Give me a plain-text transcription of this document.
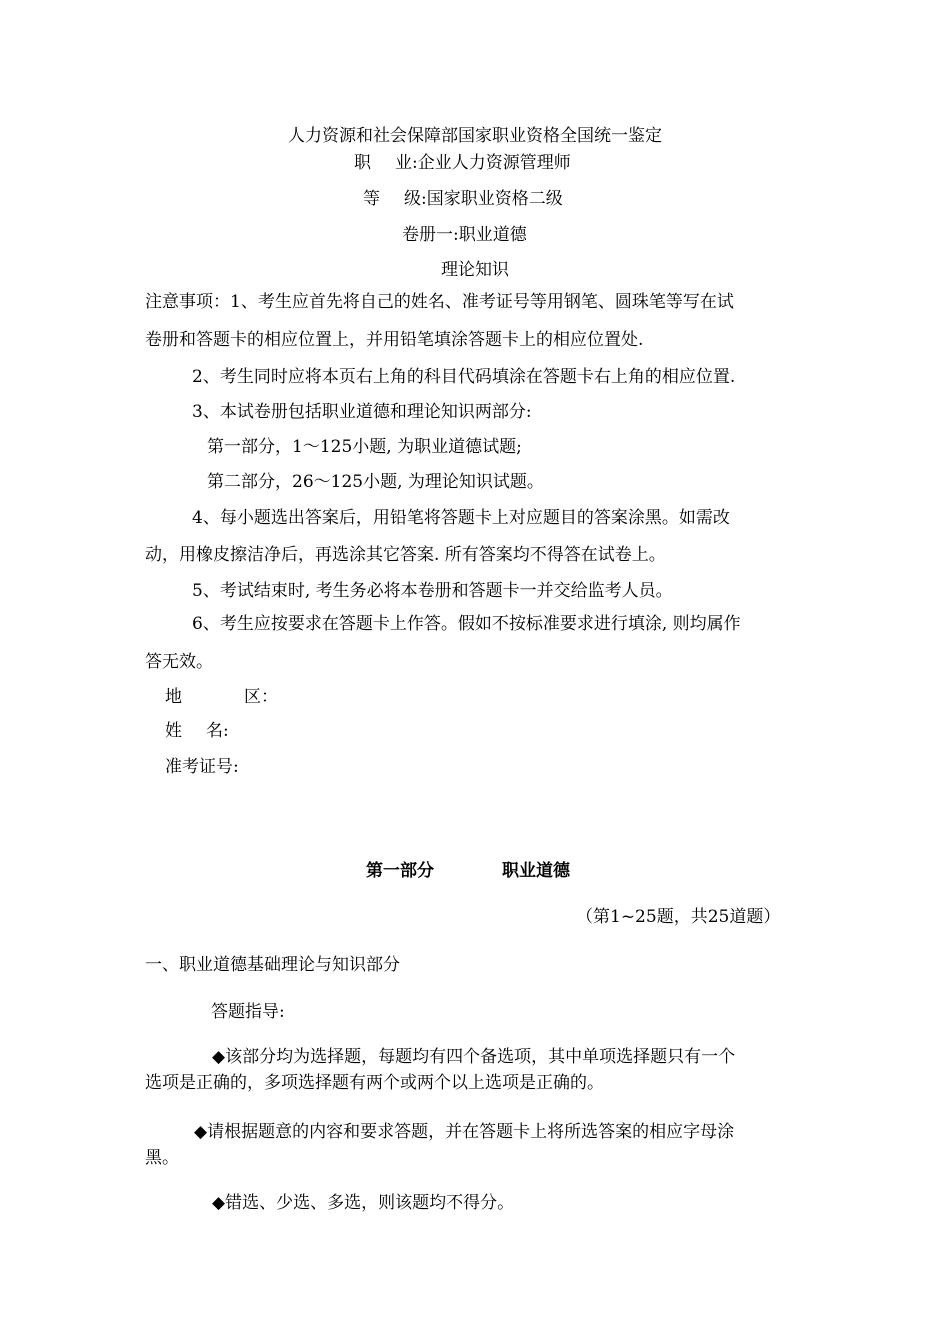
人力资源和社会保障部国家职业资格全国统一鉴定
职 业:企业人力资源管理师
等 级:国家职业资格二级
卷册一:职业道德
理论知识
注意事项：1、考生应首先将自己的姓名、准考证号等用钢笔、圆珠笔等写在试
卷册和答题卡的相应位置上，并用铅笔填涂答题卡上的相应位置处.
2、考生同时应将本页右上角的科目代码填涂在答题卡右上角的相应位置.
3、本试卷册包括职业道德和理论知识两部分:
第一部分，1～125小题, 为职业道德试题;
第二部分，26～125小题, 为理论知识试题。
4、每小题选出答案后，用铅笔将答题卡上对应题目的答案涂黑。如需改
动，用橡皮擦洁净后，再选涂其它答案. 所有答案均不得答在试卷上。
5、考试结束时, 考生务必将本卷册和答题卡一并交给监考人员。
6、考生应按要求在答题卡上作答。假如不按标准要求进行填涂, 则均属作
答无效。
地	区：
姓 名:
准考证号:
第一部分	职业道德
（第1~25题，共25道题）
一、职业道德基础理论与知识部分
答题指导:
◆该部分均为选择题，每题均有四个备选项，其中单项选择题只有一个
选项是正确的，多项选择题有两个或两个以上选项是正确的。
◆请根据题意的内容和要求答题，并在答题卡上将所选答案的相应字母涂
黑。
◆错选、少选、多选，则该题均不得分。
